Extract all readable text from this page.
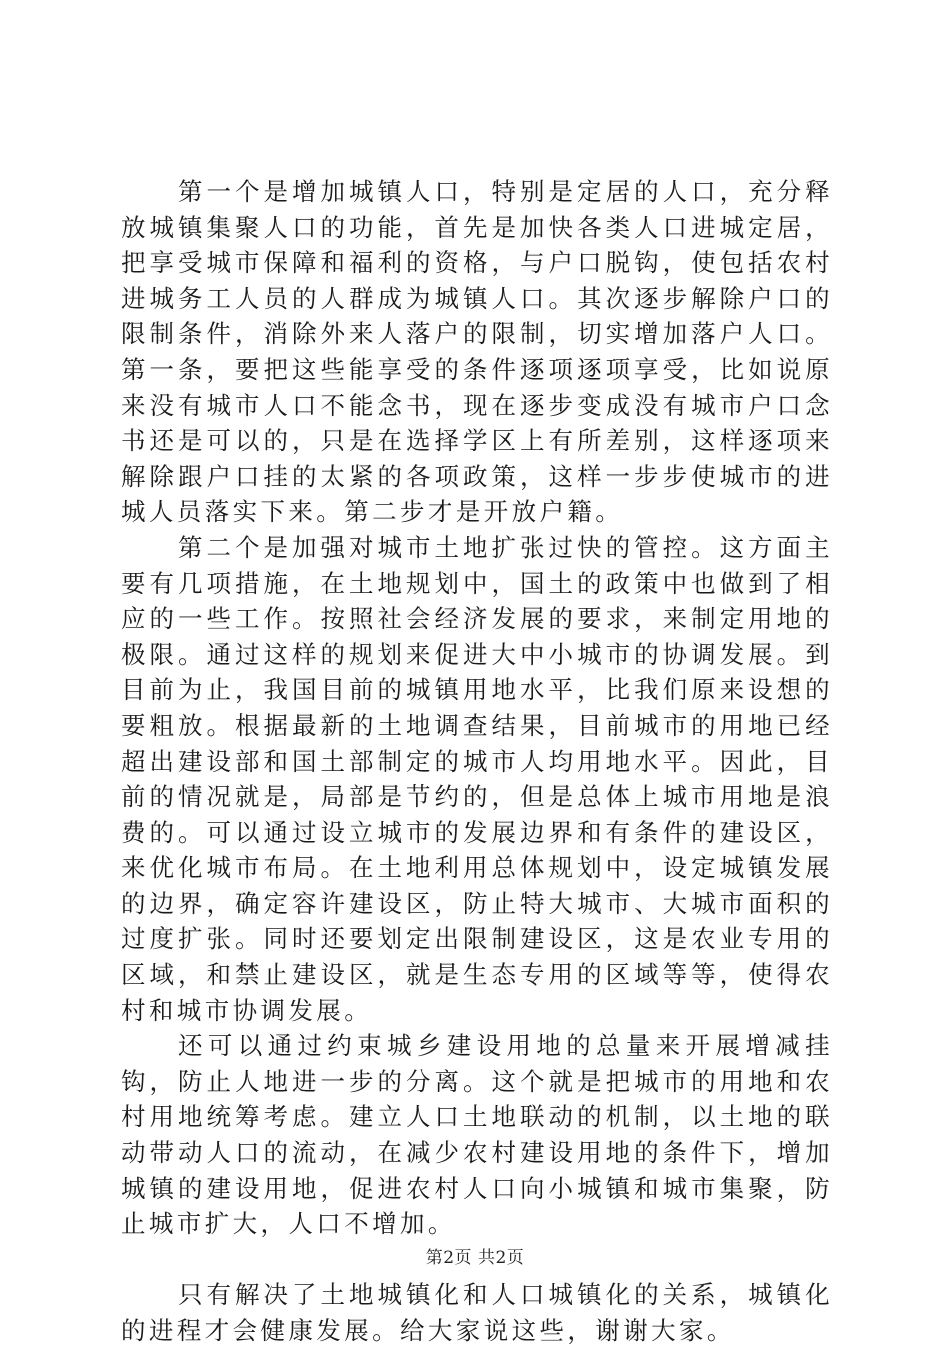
第一个是增加城镇人口，特别是定居的人口，充分释放城镇集聚人口的功能，首先是加快各类人口进城定居，把享受城市保障和福利的资格，与户口脱钩，使包括农村进城务工人员的人群成为城镇人口。其次逐步解除户口的限制条件，消除外来人落户的限制，切实增加落户人口。第一条，要把这些能享受的条件逐项逐项享受，比如说原来没有城市人口不能念书，现在逐步变成没有城市户口念书还是可以的，只是在选择学区上有所差别，这样逐项来解除跟户口挂的太紧的各项政策，这样一步步使城市的进城人员落实下来。第二步才是开放户籍。

第二个是加强对城市土地扩张过快的管控。这方面主要有几项措施，在土地规划中，国土的政策中也做到了相应的一些工作。按照社会经济发展的要求，来制定用地的极限。通过这样的规划来促进大中小城市的协调发展。到目前为止，我国目前的城镇用地水平，比我们原来设想的要粗放。根据最新的土地调查结果，目前城市的用地已经超出建设部和国土部制定的城市人均用地水平。因此，目前的情况就是，局部是节约的，但是总体上城市用地是浪费的。可以通过设立城市的发展边界和有条件的建设区，来优化城市布局。在土地利用总体规划中，设定城镇发展的边界，确定容许建设区，防止特大城市、大城市面积的过度扩张。同时还要划定出限制建设区，这是农业专用的区域，和禁止建设区，就是生态专用的区域等等，使得农村和城市协调发展。

还可以通过约束城乡建设用地的总量来开展增减挂钩，防止人地进一步的分离。这个就是把城市的用地和农村用地统筹考虑。建立人口土地联动的机制，以土地的联动带动人口的流动，在减少农村建设用地的条件下，增加城镇的建设用地，促进农村人口向小城镇和城市集聚，防止城市扩大，人口不增加。

只有解决了土地城镇化和人口城镇化的关系，城镇化的进程才会健康发展。给大家说这些，谢谢大家。

第2页 共2页
